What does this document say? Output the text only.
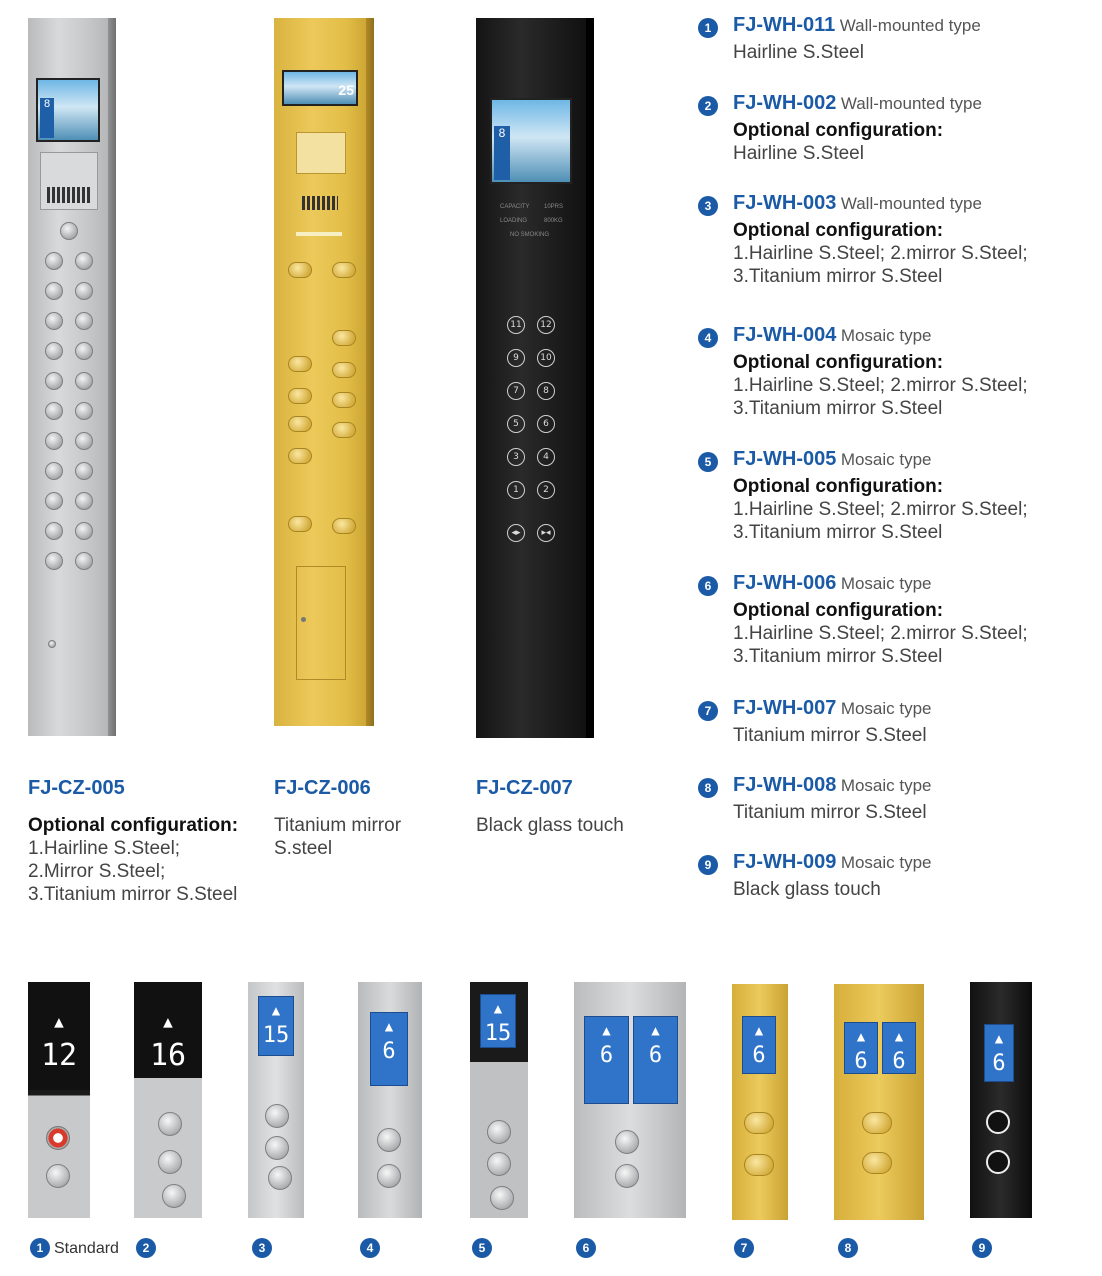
8
25
8
CAPACITY 10PRS
LOADING	800KG
NO SMOKING
11	12
9	10
7	8
5	6
3	4
1	2
◂▸	▸◂
FJ-CZ-005
Optional configuration:
1.Hairline S.Steel;
2.Mirror S.Steel;
3.Titanium mirror S.Steel
FJ-CZ-006
Titanium mirror
S.steel
FJ-CZ-007
Black glass touch
1	FJ-WH-011 Wall-mounted type
Hairline S.Steel
2	FJ-WH-002 Wall-mounted type
Optional configuration:
Hairline S.Steel
3	FJ-WH-003 Wall-mounted type
Optional configuration:
1.Hairline S.Steel; 2.mirror S.Steel;
3.Titanium mirror S.Steel
4	FJ-WH-004 Mosaic type
Optional configuration:
1.Hairline S.Steel; 2.mirror S.Steel;
3.Titanium mirror S.Steel
5	FJ-WH-005 Mosaic type
Optional configuration:
1.Hairline S.Steel; 2.mirror S.Steel;
3.Titanium mirror S.Steel
6	FJ-WH-006 Mosaic type
Optional configuration:
1.Hairline S.Steel; 2.mirror S.Steel;
3.Titanium mirror S.Steel
7	FJ-WH-007 Mosaic type
Titanium mirror S.Steel
8	FJ-WH-008 Mosaic type
Titanium mirror S.Steel
9	FJ-WH-009 Mosaic type
Black glass touch
▲
12
1
▲
16
2
▲
15
3
▲
6
4
▲
15
5
▲
6
▲
6
6
▲
6
7
▲
6
▲
6
8
▲
6
9
Standard
